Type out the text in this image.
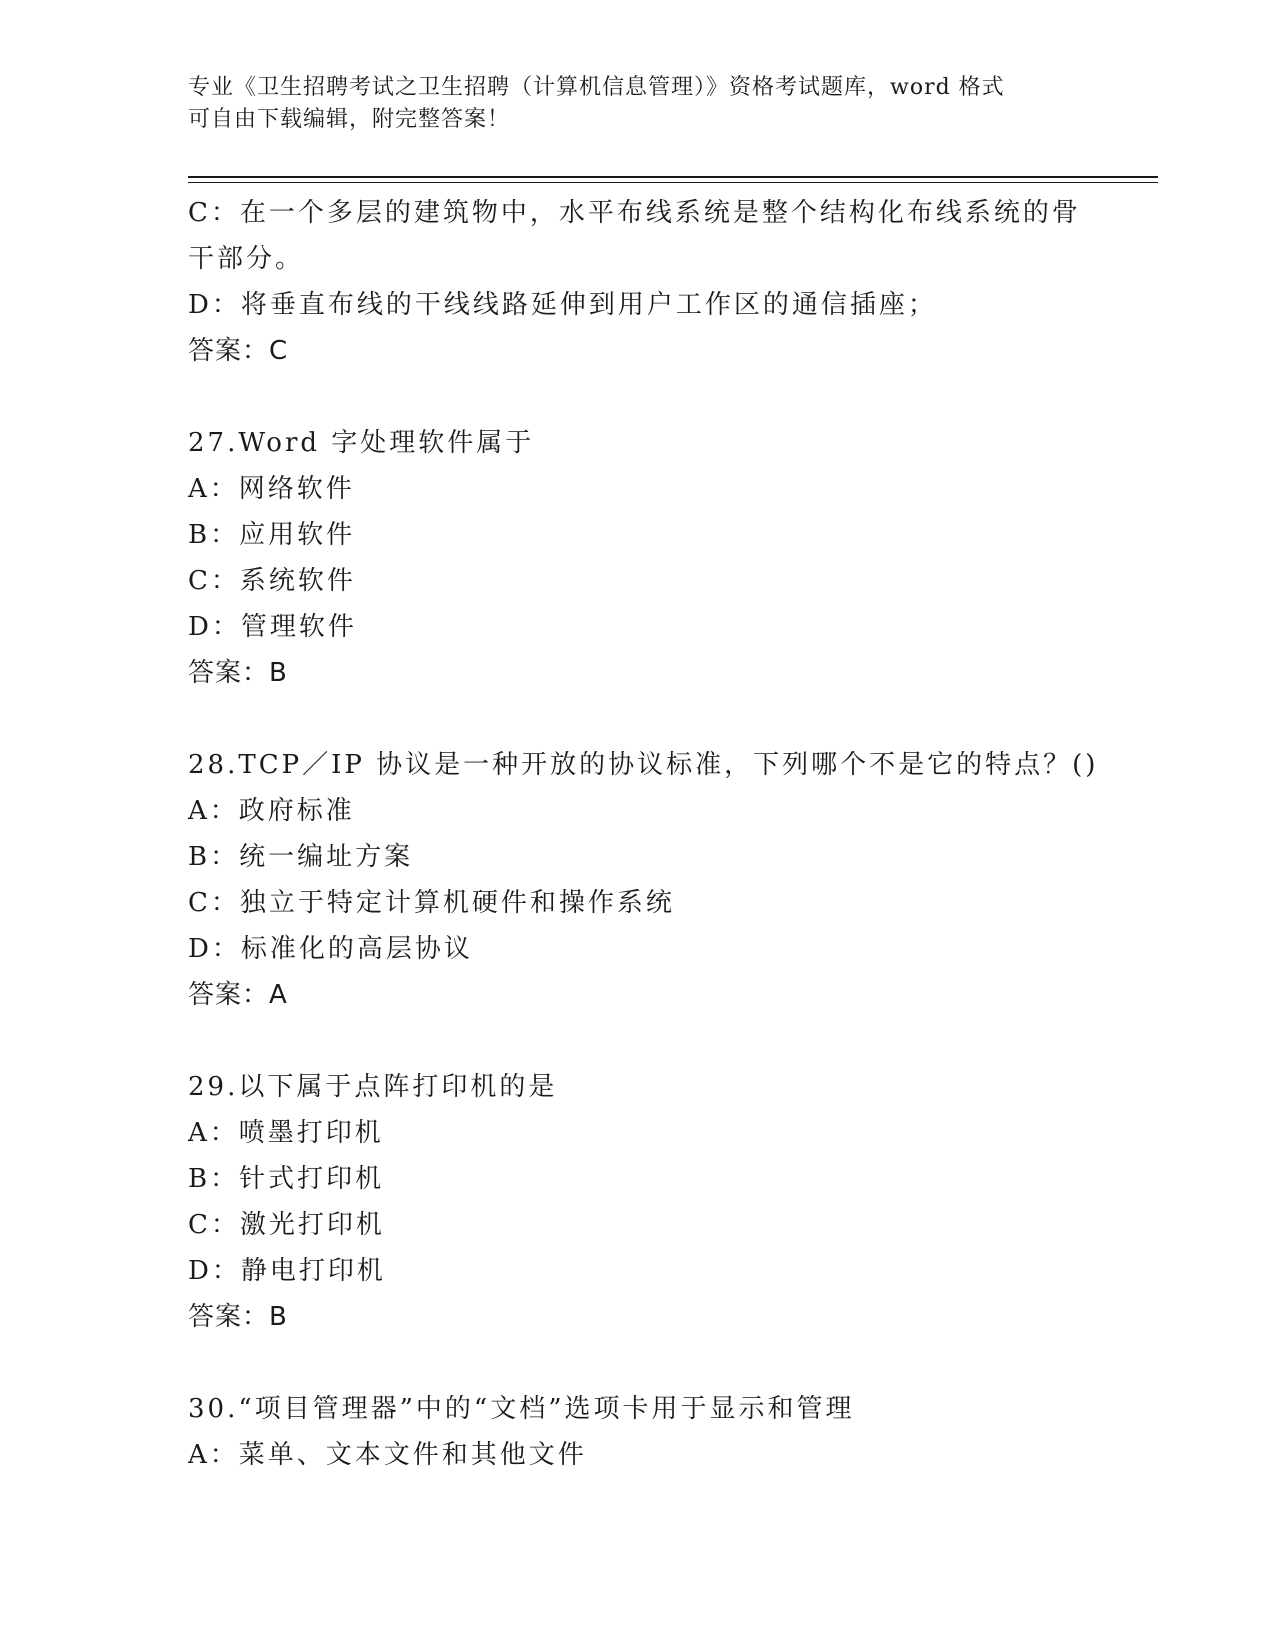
专业《卫生招聘考试之卫生招聘（计算机信息管理）》资格考试题库，word 格式
可自由下载编辑，附完整答案！
C：在一个多层的建筑物中，水平布线系统是整个结构化布线系统的骨
干部分。
D：将垂直布线的干线线路延伸到用户工作区的通信插座；
答案：C
27.Word 字处理软件属于
A：网络软件
B：应用软件
C：系统软件
D：管理软件
答案：B
28.TCP／IP 协议是一种开放的协议标准，下列哪个不是它的特点？()
A：政府标准
B：统一编址方案
C：独立于特定计算机硬件和操作系统
D：标准化的高层协议
答案：A
29.以下属于点阵打印机的是
A：喷墨打印机
B：针式打印机
C：激光打印机
D：静电打印机
答案：B
30.“项目管理器”中的“文档”选项卡用于显示和管理
A：菜单、文本文件和其他文件
